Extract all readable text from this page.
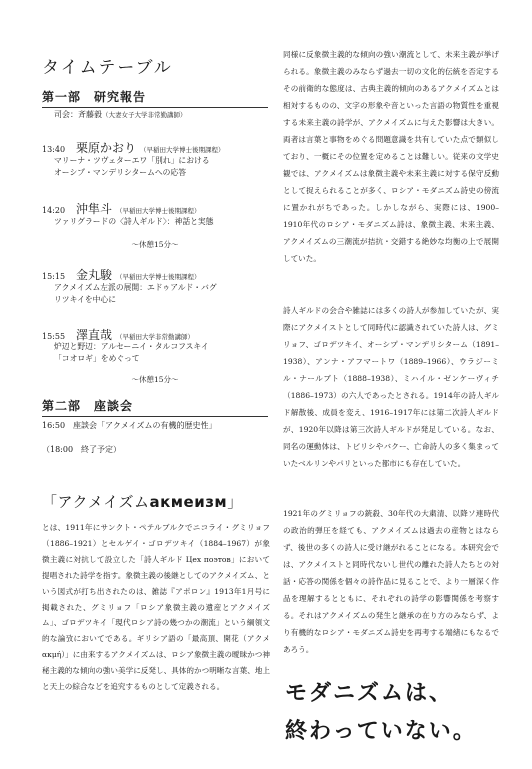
タイムテーブル
第一部　研究報告
司会：斉藤毅（大妻女子大学非常勤講師）
13:40 栗原かおり （早稲田大学博士後期課程）
マリーナ・ツヴェターエワ「別れ」における
オーシプ・マンデリシタームへの応答
14:20 沖隼斗 （早稲田大学博士後期課程）
ツァリグラードの〈詩人ギルド〉：神話と実態
〜休憩15分〜
15:15 金丸駿 （早稲田大学博士後期課程）
アクメイズム左派の展開：エドゥアルド・バグ
リツキイを中心に
15:55 澤直哉 （早稲田大学非常勤講師）
炉辺と野辺：アルセーニイ・タルコフスキイ
「コオロギ」をめぐって
〜休憩15分〜
第二部　座談会
16:50　座談会「アクメイズムの有機的歴史性」
（18:00　終了予定）
「アクメイズムакмеизм」
とは、1911年にサンクト・ペテルブルクでニコライ・グミリョフ（1886–1921）とセルゲイ・ゴロデツキイ（1884–1967）が象徴主義に対抗して設立した「詩人ギルド Цех поэтов」において提唱された詩学を指す。象徴主義の後継としてのアクメイズム、という図式が打ち出されたのは、雑誌『アポロン』1913年1月号に掲載された、グミリョフ「ロシア象徴主義の遺産とアクメイズム」、ゴロデツキイ「現代ロシア詩の幾つかの潮流」という綱領文的な論攷においてである。ギリシア語の「最高頂、開花（アクメ ακμή）」に由来するアクメイズムは、ロシア象徴主義の曖昧かつ神秘主義的な傾向の強い美学に反発し、具体的かつ明晰な言葉、地上と天上の綜合などを追究するものとして定義される。
同様に反象徴主義的な傾向の強い潮流として、未来主義が挙げられる。象徴主義のみならず過去一切の文化的伝統を否定するその前衛的な態度は、古典主義的傾向のあるアクメイズムとは相対するものの、文字の形象や音といった言語の物質性を重視する未来主義の詩学が、アクメイズムに与えた影響は大きい。両者は言葉と事物をめぐる問題意識を共有していた点で類似しており、一概にその位置を定めることは難しい。従来の文学史観では、アクメイズムは象徴主義や未来主義に対する保守反動として捉えられることが多く、ロシア・モダニズム詩史の傍流に置かれがちであった。しかしながら、実際には、1900–1910年代のロシア・モダニズム詩は、象徴主義、未来主義、アクメイズムの三潮流が拮抗・交錯する絶妙な均衡の上で展開していた。
詩人ギルドの会合や雑誌には多くの詩人が参加していたが、実際にアクメイストとして同時代に認識されていた詩人は、グミリョフ、ゴロデツキイ、オーシプ・マンデリシターム（1891–1938）、アンナ・アフマートワ（1889–1966）、ウラジーミル・ナールブト（1888–1938）、ミハイル・ゼンケーヴィチ（1886–1973）の六人であったとされる。1914年の詩人ギルド解散後、成員を変え、1916–1917年には第二次詩人ギルドが、1920年以降は第三次詩人ギルドが発足している。なお、同名の運動体は、トビリシやバクー、亡命詩人の多く集まっていたベルリンやパリといった都市にも存在していた。
1921年のグミリョフの銃殺、30年代の大粛清、以降ソ連時代の政治的弾圧を経ても、アクメイズムは過去の産物とはならず、後世の多くの詩人に受け継がれることになる。本研究会では、アクメイストと同時代ないし世代の離れた詩人たちとの対話・応答の関係を個々の詩作品に見ることで、より一層深く作品を理解するとともに、それぞれの詩学の影響関係を考察する。それはアクメイズムの発生と継承の在り方のみならず、より有機的なロシア・モダニズム詩史を再考する端緒にもなるであろう。
モダニズムは、
終わっていない。
